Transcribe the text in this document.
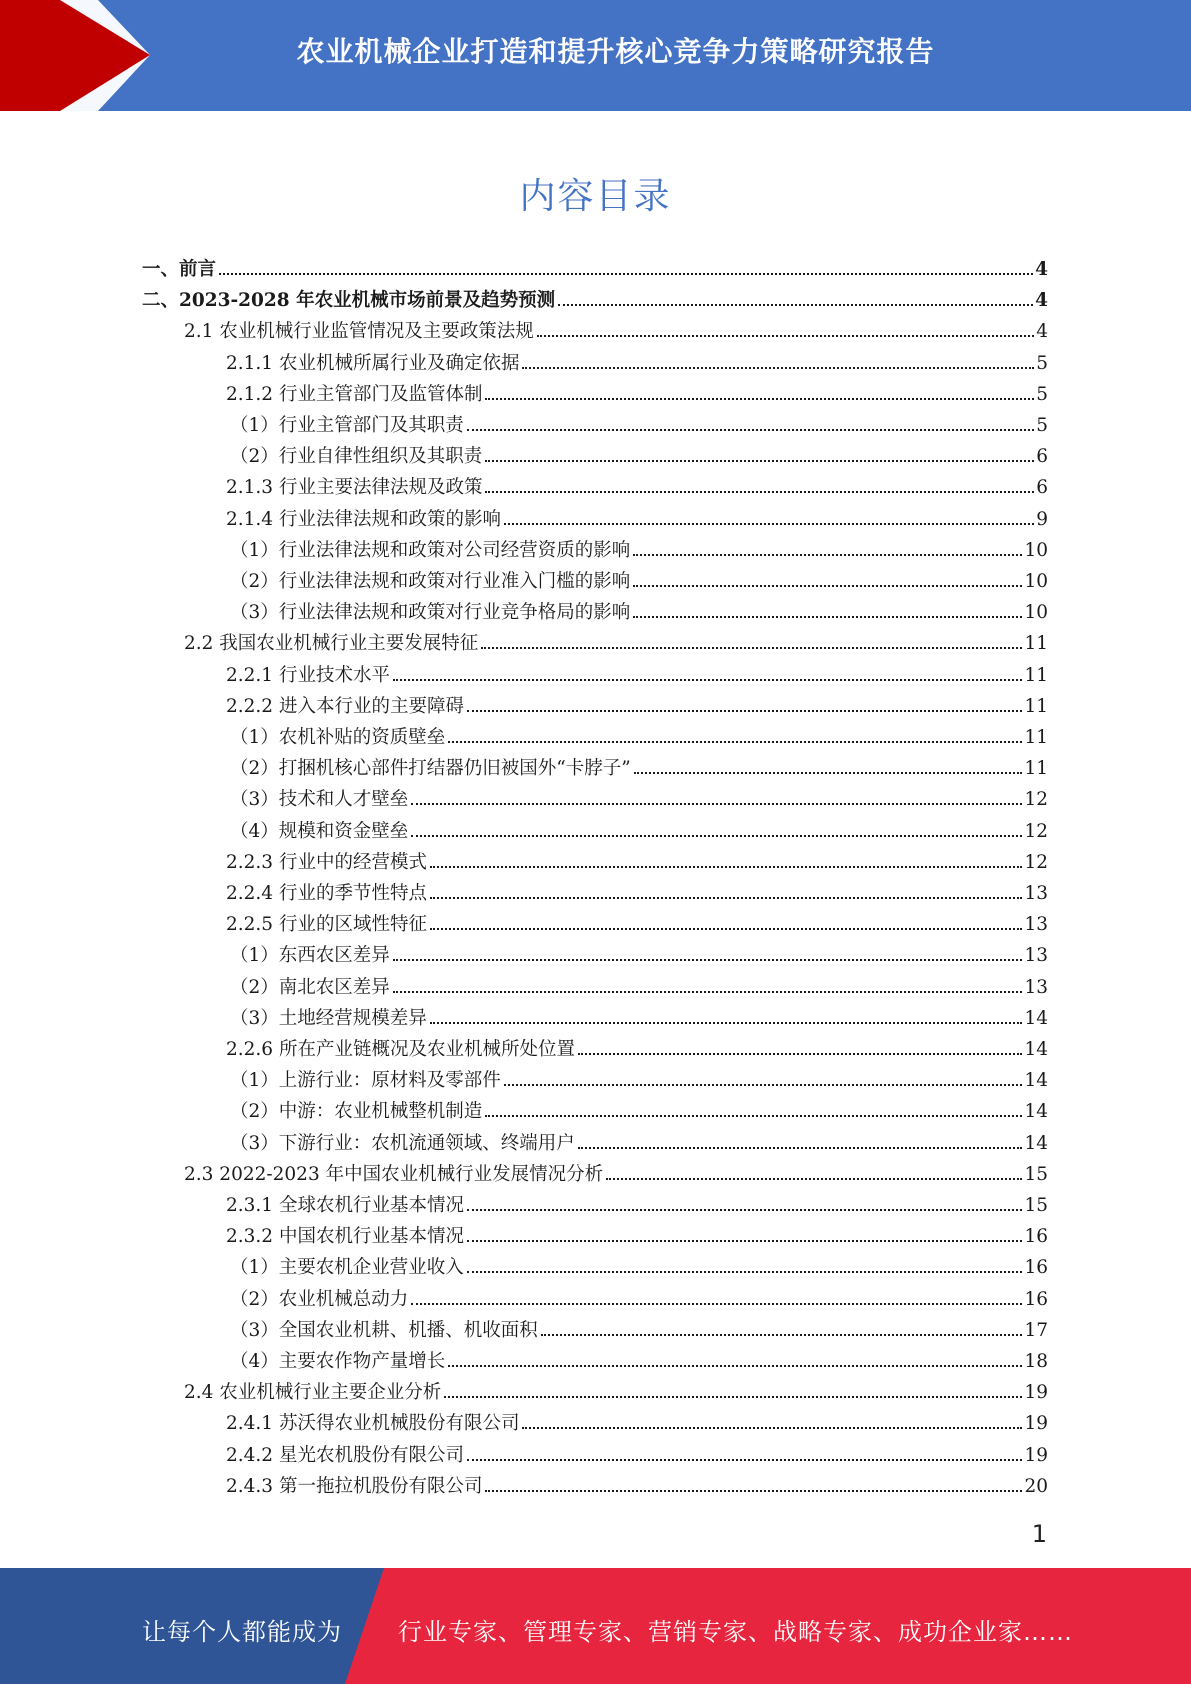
农业机械企业打造和提升核心竞争力策略研究报告
内容目录
一、前言	4
二、2023-2028 年农业机械市场前景及趋势预测	4
2.1 农业机械行业监管情况及主要政策法规	4
2.1.1 农业机械所属行业及确定依据	5
2.1.2 行业主管部门及监管体制	5
（1）行业主管部门及其职责	5
（2）行业自律性组织及其职责	6
2.1.3 行业主要法律法规及政策	6
2.1.4 行业法律法规和政策的影响	9
（1）行业法律法规和政策对公司经营资质的影响	10
（2）行业法律法规和政策对行业准入门槛的影响	10
（3）行业法律法规和政策对行业竞争格局的影响	10
2.2 我国农业机械行业主要发展特征	11
2.2.1 行业技术水平	11
2.2.2 进入本行业的主要障碍	11
（1）农机补贴的资质壁垒	11
（2）打捆机核心部件打结器仍旧被国外“卡脖子”	11
（3）技术和人才壁垒	12
（4）规模和资金壁垒	12
2.2.3 行业中的经营模式	12
2.2.4 行业的季节性特点	13
2.2.5 行业的区域性特征	13
（1）东西农区差异	13
（2）南北农区差异	13
（3）土地经营规模差异	14
2.2.6 所在产业链概况及农业机械所处位置	14
（1）上游行业：原材料及零部件	14
（2）中游：农业机械整机制造	14
（3）下游行业：农机流通领域、终端用户	14
2.3 2022-2023 年中国农业机械行业发展情况分析	15
2.3.1 全球农机行业基本情况	15
2.3.2 中国农机行业基本情况	16
（1）主要农机企业营业收入	16
（2）农业机械总动力	16
（3）全国农业机耕、机播、机收面积	17
（4）主要农作物产量增长	18
2.4 农业机械行业主要企业分析	19
2.4.1 苏沃得农业机械股份有限公司	19
2.4.2 星光农机股份有限公司	19
2.4.3 第一拖拉机股份有限公司	20
1
让每个人都能成为 行业专家、管理专家、营销专家、战略专家、成功企业家……
